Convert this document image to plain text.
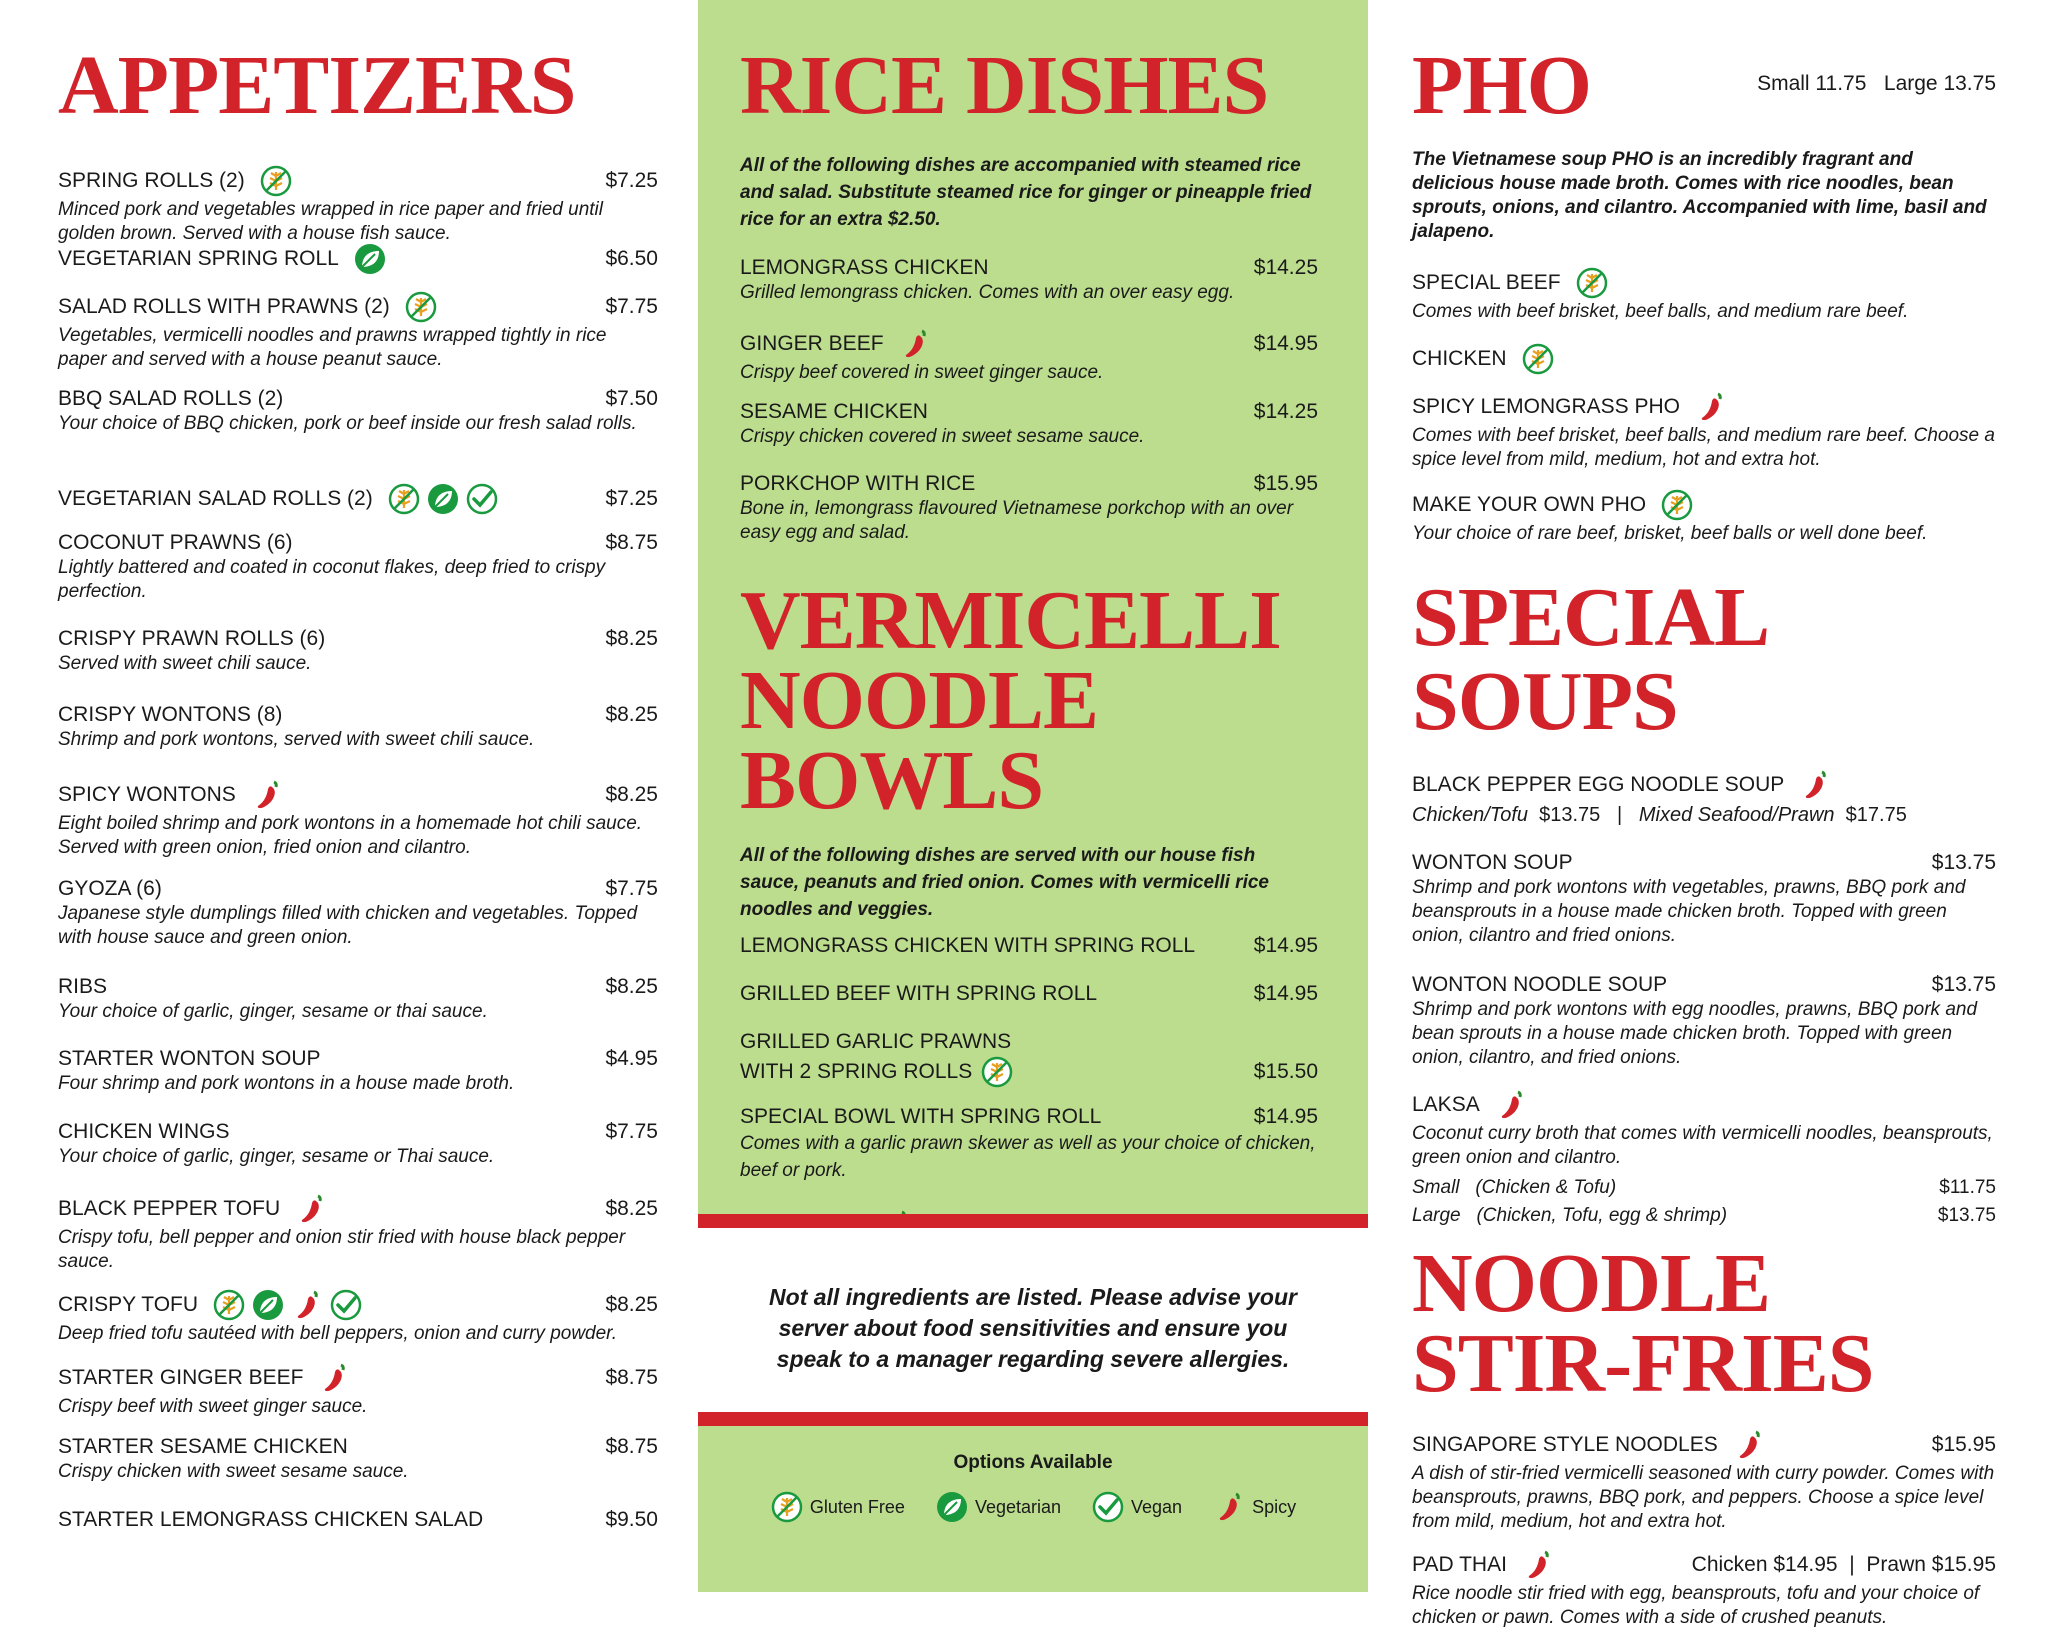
APPETIZERS
SPRING ROLLS (2)	$7.25
Minced pork and vegetables wrapped in rice paper and fried until golden brown. Served with a house fish sauce.
VEGETARIAN SPRING ROLL	$6.50
SALAD ROLLS WITH PRAWNS (2)	$7.75
Vegetables, vermicelli noodles and prawns wrapped tightly in rice paper and served with a house peanut sauce.
BBQ SALAD ROLLS (2)	$7.50
Your choice of BBQ chicken, pork or beef inside our fresh salad rolls.
VEGETARIAN SALAD ROLLS (2)	$7.25
COCONUT PRAWNS (6)	$8.75
Lightly battered and coated in coconut flakes, deep fried to crispy perfection.
CRISPY PRAWN ROLLS (6)	$8.25
Served with sweet chili sauce.
CRISPY WONTONS (8)	$8.25
Shrimp and pork wontons, served with sweet chili sauce.
SPICY WONTONS	$8.25
Eight boiled shrimp and pork wontons in a homemade hot chili sauce. Served with green onion, fried onion and cilantro.
GYOZA (6)	$7.75
Japanese style dumplings filled with chicken and vegetables. Topped with house sauce and green onion.
RIBS	$8.25
Your choice of garlic, ginger, sesame or thai sauce.
STARTER WONTON SOUP	$4.95
Four shrimp and pork wontons in a house made broth.
CHICKEN WINGS	$7.75
Your choice of garlic, ginger, sesame or Thai sauce.
BLACK PEPPER TOFU	$8.25
Crispy tofu, bell pepper and onion stir fried with house black pepper sauce.
CRISPY TOFU	$8.25
Deep fried tofu sautéed with bell peppers, onion and curry powder.
STARTER GINGER BEEF	$8.75
Crispy beef with sweet ginger sauce.
STARTER SESAME CHICKEN	$8.75
Crispy chicken with sweet sesame sauce.
STARTER LEMONGRASS CHICKEN SALAD	$9.50
RICE DISHES
All of the following dishes are accompanied with steamed rice and salad. Substitute steamed rice for ginger or pineapple fried rice for an extra $2.50.
LEMONGRASS CHICKEN	$14.25
Grilled lemongrass chicken. Comes with an over easy egg.
GINGER BEEF	$14.95
Crispy beef covered in sweet ginger sauce.
SESAME CHICKEN	$14.25
Crispy chicken covered in sweet sesame sauce.
PORKCHOP WITH RICE	$15.95
Bone in, lemongrass flavoured Vietnamese porkchop with an over easy egg and salad.
VERMICELLI
NOODLE BOWLS
All of the following dishes are served with our house fish sauce, peanuts and fried onion. Comes with vermicelli rice noodles and veggies.
LEMONGRASS CHICKEN WITH SPRING ROLL	$14.95
GRILLED BEEF WITH SPRING ROLL	$14.95
GRILLED GARLIC PRAWNS
WITH 2 SPRING ROLLS	$15.50
SPECIAL BOWL WITH SPRING ROLL	$14.95
Comes with a garlic prawn skewer as well as your choice of chicken, beef or pork.
Not all ingredients are listed. Please advise your
server about food sensitivities and ensure you
speak to a manager regarding severe allergies.
Options Available
Gluten Free	Vegetarian	Vegan	Spicy
PHO	Small 11.75   Large 13.75
The Vietnamese soup PHO is an incredibly fragrant and delicious house made broth. Comes with rice noodles, bean sprouts, onions, and cilantro. Accompanied with lime, basil and jalapeno.
SPECIAL BEEF
Comes with beef brisket, beef balls, and medium rare beef.
CHICKEN
SPICY LEMONGRASS PHO
Comes with beef brisket, beef balls, and medium rare beef. Choose a spice level from mild, medium, hot and extra hot.
MAKE YOUR OWN PHO
Your choice of rare beef, brisket, beef balls or well done beef.
SPECIAL SOUPS
BLACK PEPPER EGG NOODLE SOUP
Chicken/Tofu $13.75 | Mixed Seafood/Prawn $17.75
WONTON SOUP	$13.75
Shrimp and pork wontons with vegetables, prawns, BBQ pork and beansprouts in a house made chicken broth. Topped with green onion, cilantro and fried onions.
WONTON NOODLE SOUP	$13.75
Shrimp and pork wontons with egg noodles, prawns, BBQ pork and bean sprouts in a house made chicken broth. Topped with green onion, cilantro, and fried onions.
LAKSA
Coconut curry broth that comes with vermicelli noodles, beansprouts, green onion and cilantro.
Small (Chicken & Tofu)	$11.75
Large (Chicken, Tofu, egg & shrimp)	$13.75
NOODLE
STIR-FRIES
SINGAPORE STYLE NOODLES	$15.95
A dish of stir-fried vermicelli seasoned with curry powder. Comes with beansprouts, prawns, BBQ pork, and peppers. Choose a spice level from mild, medium, hot and extra hot.
PAD THAI	Chicken $14.95 | Prawn $15.95
Rice noodle stir fried with egg, beansprouts, tofu and your choice of chicken or pawn. Comes with a side of crushed peanuts.
